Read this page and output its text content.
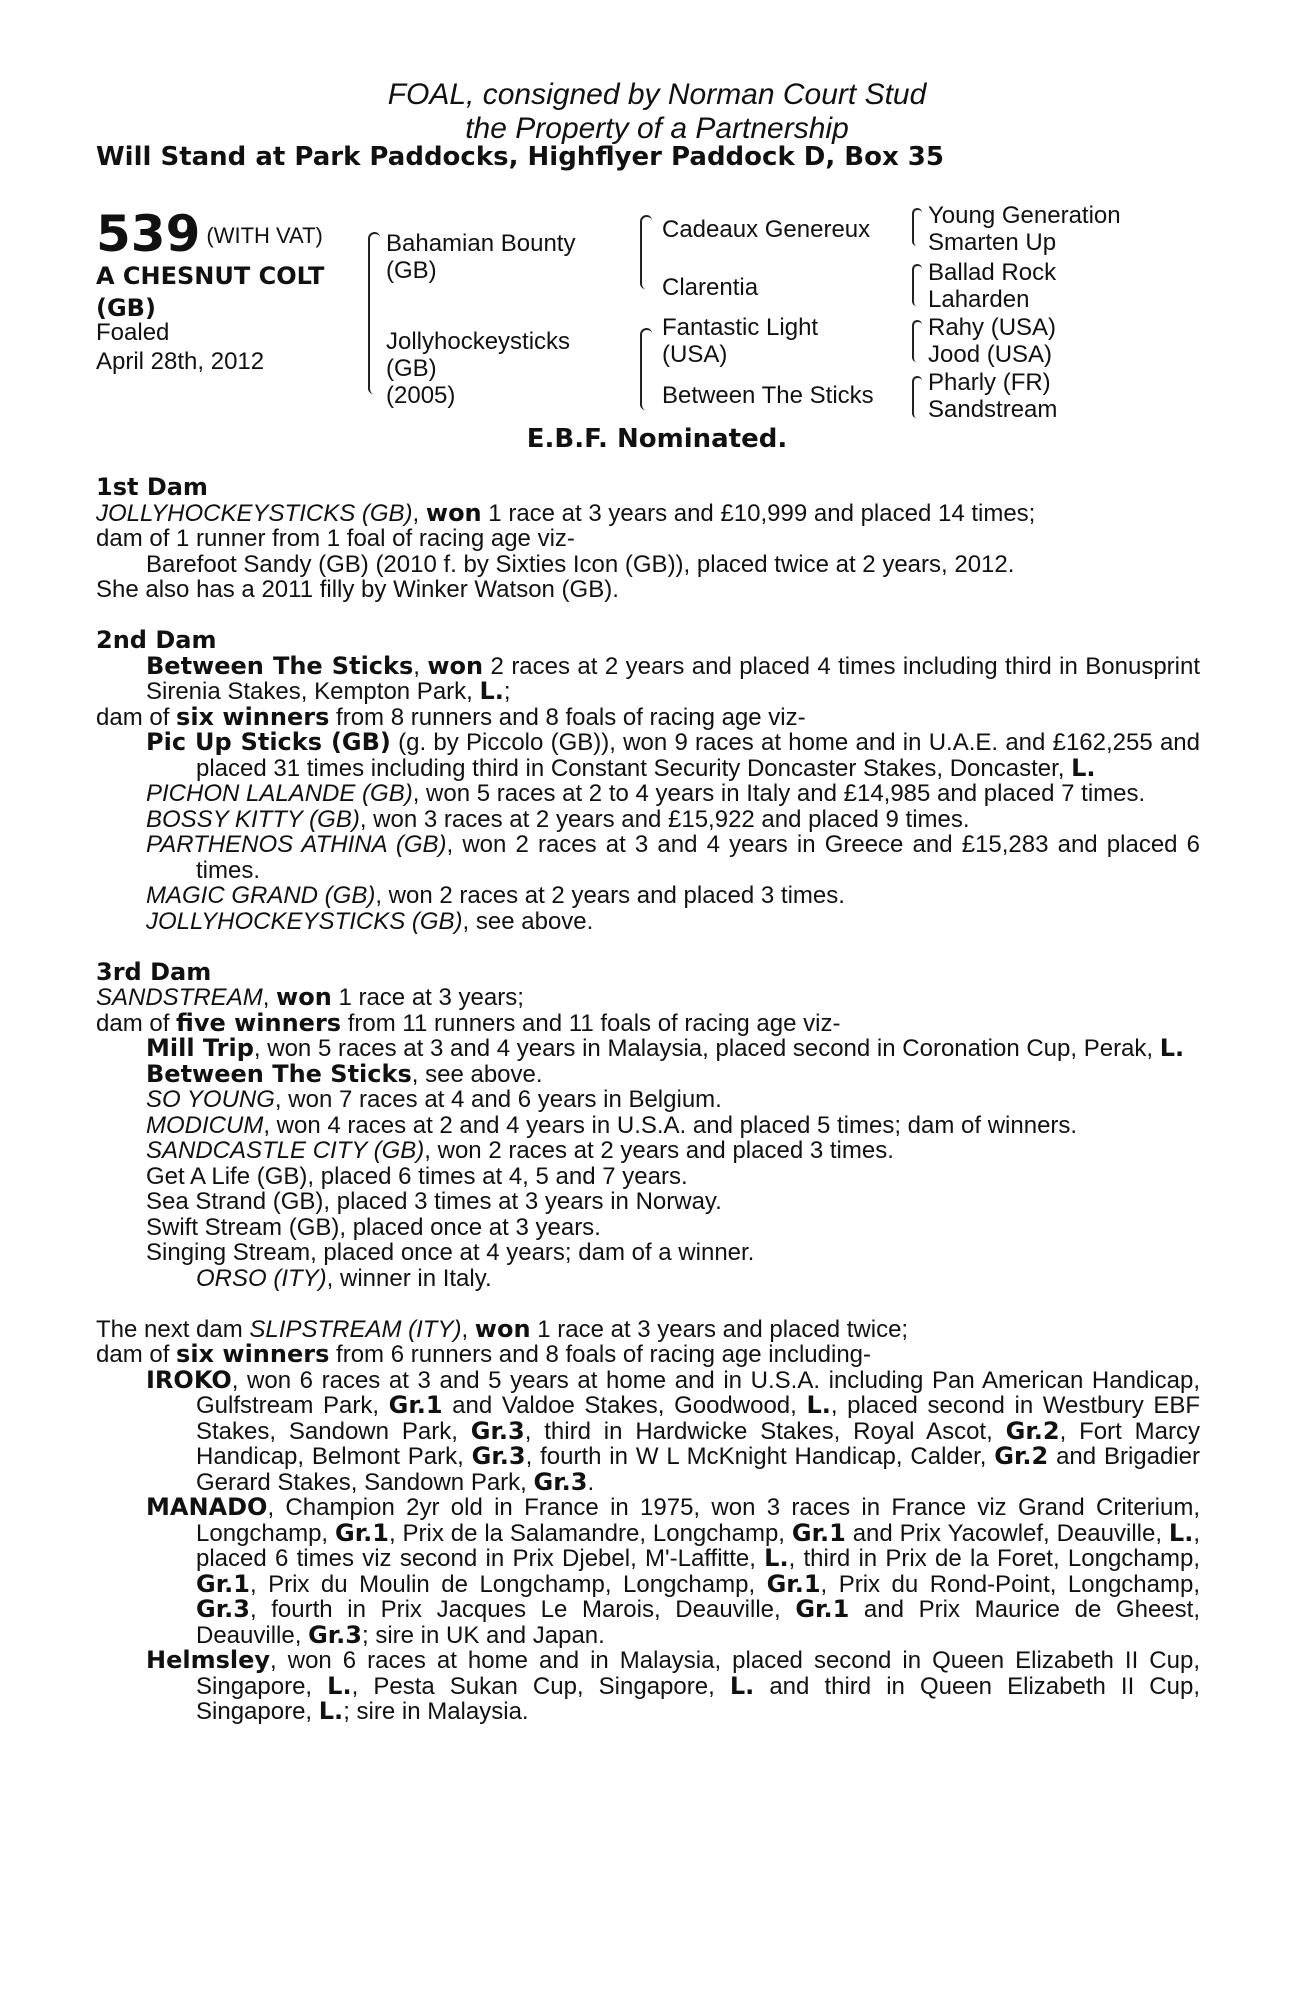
FOAL, consigned by Norman Court Stud
the Property of a Partnership
Will Stand at Park Paddocks, Highflyer Paddock D, Box 35
539 (WITH VAT)
A CHESNUT COLT
(GB)
Foaled
April 28th, 2012
Bahamian Bounty
(GB)
Jollyhockeysticks
(GB)
(2005)
Cadeaux Genereux
Clarentia
Fantastic Light
(USA)
Between The Sticks
Young Generation
Smarten Up
Ballad Rock
Laharden
Rahy (USA)
Jood (USA)
Pharly (FR)
Sandstream
E.B.F. Nominated.

1st Dam

JOLLYHOCKEYSTICKS (GB), won 1 race at 3 years and £10,999 and placed 14 times;

dam of 1 runner from 1 foal of racing age viz-

Barefoot Sandy (GB) (2010 f. by Sixties Icon (GB)), placed twice at 2 years, 2012.

She also has a 2011 filly by Winker Watson (GB).

2nd Dam

Between The Sticks, won 2 races at 2 years and placed 4 times including third in Bonusprint Sirenia Stakes, Kempton Park, L.;

dam of six winners from 8 runners and 8 foals of racing age viz-

Pic Up Sticks (GB) (g. by Piccolo (GB)), won 9 races at home and in U.A.E. and £162,255 and placed 31 times including third in Constant Security Doncaster Stakes, Doncaster, L.

PICHON LALANDE (GB), won 5 races at 2 to 4 years in Italy and £14,985 and placed 7 times.

BOSSY KITTY (GB), won 3 races at 2 years and £15,922 and placed 9 times.

PARTHENOS ATHINA (GB), won 2 races at 3 and 4 years in Greece and £15,283 and placed 6 times.

MAGIC GRAND (GB), won 2 races at 2 years and placed 3 times.

JOLLYHOCKEYSTICKS (GB), see above.

3rd Dam

SANDSTREAM, won 1 race at 3 years;

dam of five winners from 11 runners and 11 foals of racing age viz-

Mill Trip, won 5 races at 3 and 4 years in Malaysia, placed second in Coronation Cup, Perak, L.

Between The Sticks, see above.

SO YOUNG, won 7 races at 4 and 6 years in Belgium.

MODICUM, won 4 races at 2 and 4 years in U.S.A. and placed 5 times; dam of winners.

SANDCASTLE CITY (GB), won 2 races at 2 years and placed 3 times.

Get A Life (GB), placed 6 times at 4, 5 and 7 years.

Sea Strand (GB), placed 3 times at 3 years in Norway.

Swift Stream (GB), placed once at 3 years.

Singing Stream, placed once at 4 years; dam of a winner.

ORSO (ITY), winner in Italy.

The next dam SLIPSTREAM (ITY), won 1 race at 3 years and placed twice;

dam of six winners from 6 runners and 8 foals of racing age including-

IROKO, won 6 races at 3 and 5 years at home and in U.S.A. including Pan American Handicap, Gulfstream Park, Gr.1 and Valdoe Stakes, Goodwood, L., placed second in Westbury EBF Stakes, Sandown Park, Gr.3, third in Hardwicke Stakes, Royal Ascot, Gr.2, Fort Marcy Handicap, Belmont Park, Gr.3, fourth in W L McKnight Handicap, Calder, Gr.2 and Brigadier Gerard Stakes, Sandown Park, Gr.3.

MANADO, Champion 2yr old in France in 1975, won 3 races in France viz Grand Criterium, Longchamp, Gr.1, Prix de la Salamandre, Longchamp, Gr.1 and Prix Yacowlef, Deauville, L., placed 6 times viz second in Prix Djebel, M'-Laffitte, L., third in Prix de la Foret, Longchamp, Gr.1, Prix du Moulin de Longchamp, Longchamp, Gr.1, Prix du Rond-Point, Longchamp, Gr.3, fourth in Prix Jacques Le Marois, Deauville, Gr.1 and Prix Maurice de Gheest, Deauville, Gr.3; sire in UK and Japan.

Helmsley, won 6 races at home and in Malaysia, placed second in Queen Elizabeth II Cup, Singapore, L., Pesta Sukan Cup, Singapore, L. and third in Queen Elizabeth II Cup, Singapore, L.; sire in Malaysia.
